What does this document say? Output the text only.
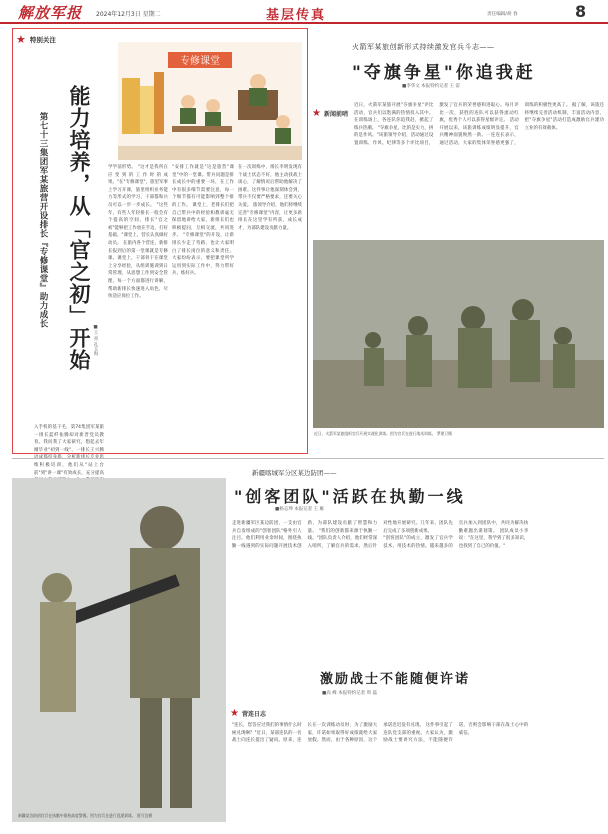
解放军报 2024年12月3日 星期二	基层传真	责任编辑/胡 春	8
★ 特别关注
专修课堂
能力培养，从「官之初」开始
第七十三集团军某旅营开设排长『专修课堂』助力成长
■王 亮 孔玉海
入手机的基干毛，第74集团军某旅一排长蓝纤佑腾却对新晋党员教育。我问我了大家研究，想起去年刚毕业"初到一线"，一排长王兴腾 维积极培训，他们从"站上台前"到"讲一课"有效成长，充分提高
学学前形势。 "这才是我所在应变到的工作时的成果。"在"专修课堂"，旅里军事上学习开课，旅里组织业务能力等形式的学习，干部都和兵员可以一步一步成长。 "这些年，有些人年轻排长一般会有个提高的空间，排长"官之初"能够把工作放在手边，打好基础。"课堂上，营长认真做好动员。 在旅内各个营连，新排长报到后的第一堂课就是专修课。课堂上，干部骨干在课堂上分享经验，从组训施训到日常管理，从思想工作到安全管理，每一个方面都进行讲解，帮助新排长快速进入角色，尽快适应岗位工作。
"安排工作就是"这是旅营"课堂"中的一堂课。带兵问题是排长成长中的重要一环，在工作中有很多细节需要注意，每一个细节都有可能影响到整个排的工作。 课堂上，老排长们把自己带兵中的经验和教训毫无保留地讲给大家，新排长们也积极提问，互相交流，共同进步。 "专修课堂"的开设，让新排长少走了弯路，也让大家明白了排长岗位的意义和责任。大家纷纷表示，要把课堂所学运用到实际工作中，努力带好兵、练好兵。
在一次训练中，排长李明发现有个战士状态不好，他主动找战士谈心，了解情况后帮助他解决了困难。这件事让他深刻体会到，带兵不仅要严格要求，还要关心关爱。 旅领导介绍，他们将继续完善"专修课堂"内容，让更多新排长在这里学有所获，成长成才，为部队建设贡献力量。
火箭军某旅创新形式持续激发官兵斗志——
"夺旗争星"你追我赶
■李华文 本报特约记者 王 雷
★ 新闻前哨
近日，火箭军某旅开展"夺旗争星"评比活动，官兵们以饱满的热情投入其中。在训练场上，各连队你追我赶，掀起了练兵热潮。 "夺旗争星，比的是实力，拼的是作风。"该旅领导介绍，活动通过设置训练、作风、纪律等多个评比项目，激发了官兵的荣誉感和进取心。每月评比一次，获胜的连队可以获得流动红旗，优秀个人可以获得星级评定。 活动开展以来，该旅训练成绩明显提升，官兵精神面貌焕然一新。一连连长表示，通过活动，大家的集体荣誉感更强了，训练的积极性更高了。 据了解，该旅还将继续完善活动机制，丰富活动内容，把"夺旗争星"活动打造成激励官兵建功立业的有效载体。
近日，火箭军某旅组织官兵开展实战化训练。图为官兵在进行战术训练。 罗建卫摄
新疆某边防团官兵在执勤中保持高度警惕。图为官兵在进行巡逻训练。 贾可宜摄
新疆喀城军分区某边防团——
"创客团队"活跃在执勤一线
■杨志坤 本报记者 王 雁
走进新疆军区某边防团，一支由官兵自发组成的"创客团队"格外引人注目。他们利用业余时间，围绕执勤一线遇到的实际问题开展技术创新，为部队建设贡献了智慧和力量。 "我们的创新都来源于执勤一线。"团队负责人介绍，他们经常深入哨所，了解官兵的需求，然后针对性地开展研究。几年来，团队先后完成了多项创新成果。

"创客团队"的成立，激发了官兵学技术、用技术的热情。越来越多的官兵加入到团队中，共同为解决执勤难题出谋划策。 团队成员小李说："在这里，我学到了很多知识，也找到了自己的价值。"
激励战士不能随便许诺
■高 峰 本报特约记者 周 磊
★ 营连日志
"连长，您答应过我们的事情什么时候兑现啊？"近日，某部连队的一名战士向连长提出了疑问。原来，连长在一次训练动员时，为了激励大家，许诺如果取得好成绩就给大家放假。然而，由于各种原因，这个承诺迟迟没有兑现。 这件事引起了连队党支部的重视。大家认为，激励战士要讲究方法，不能随便许诺，否则会影响干部在战士心中的威信。
